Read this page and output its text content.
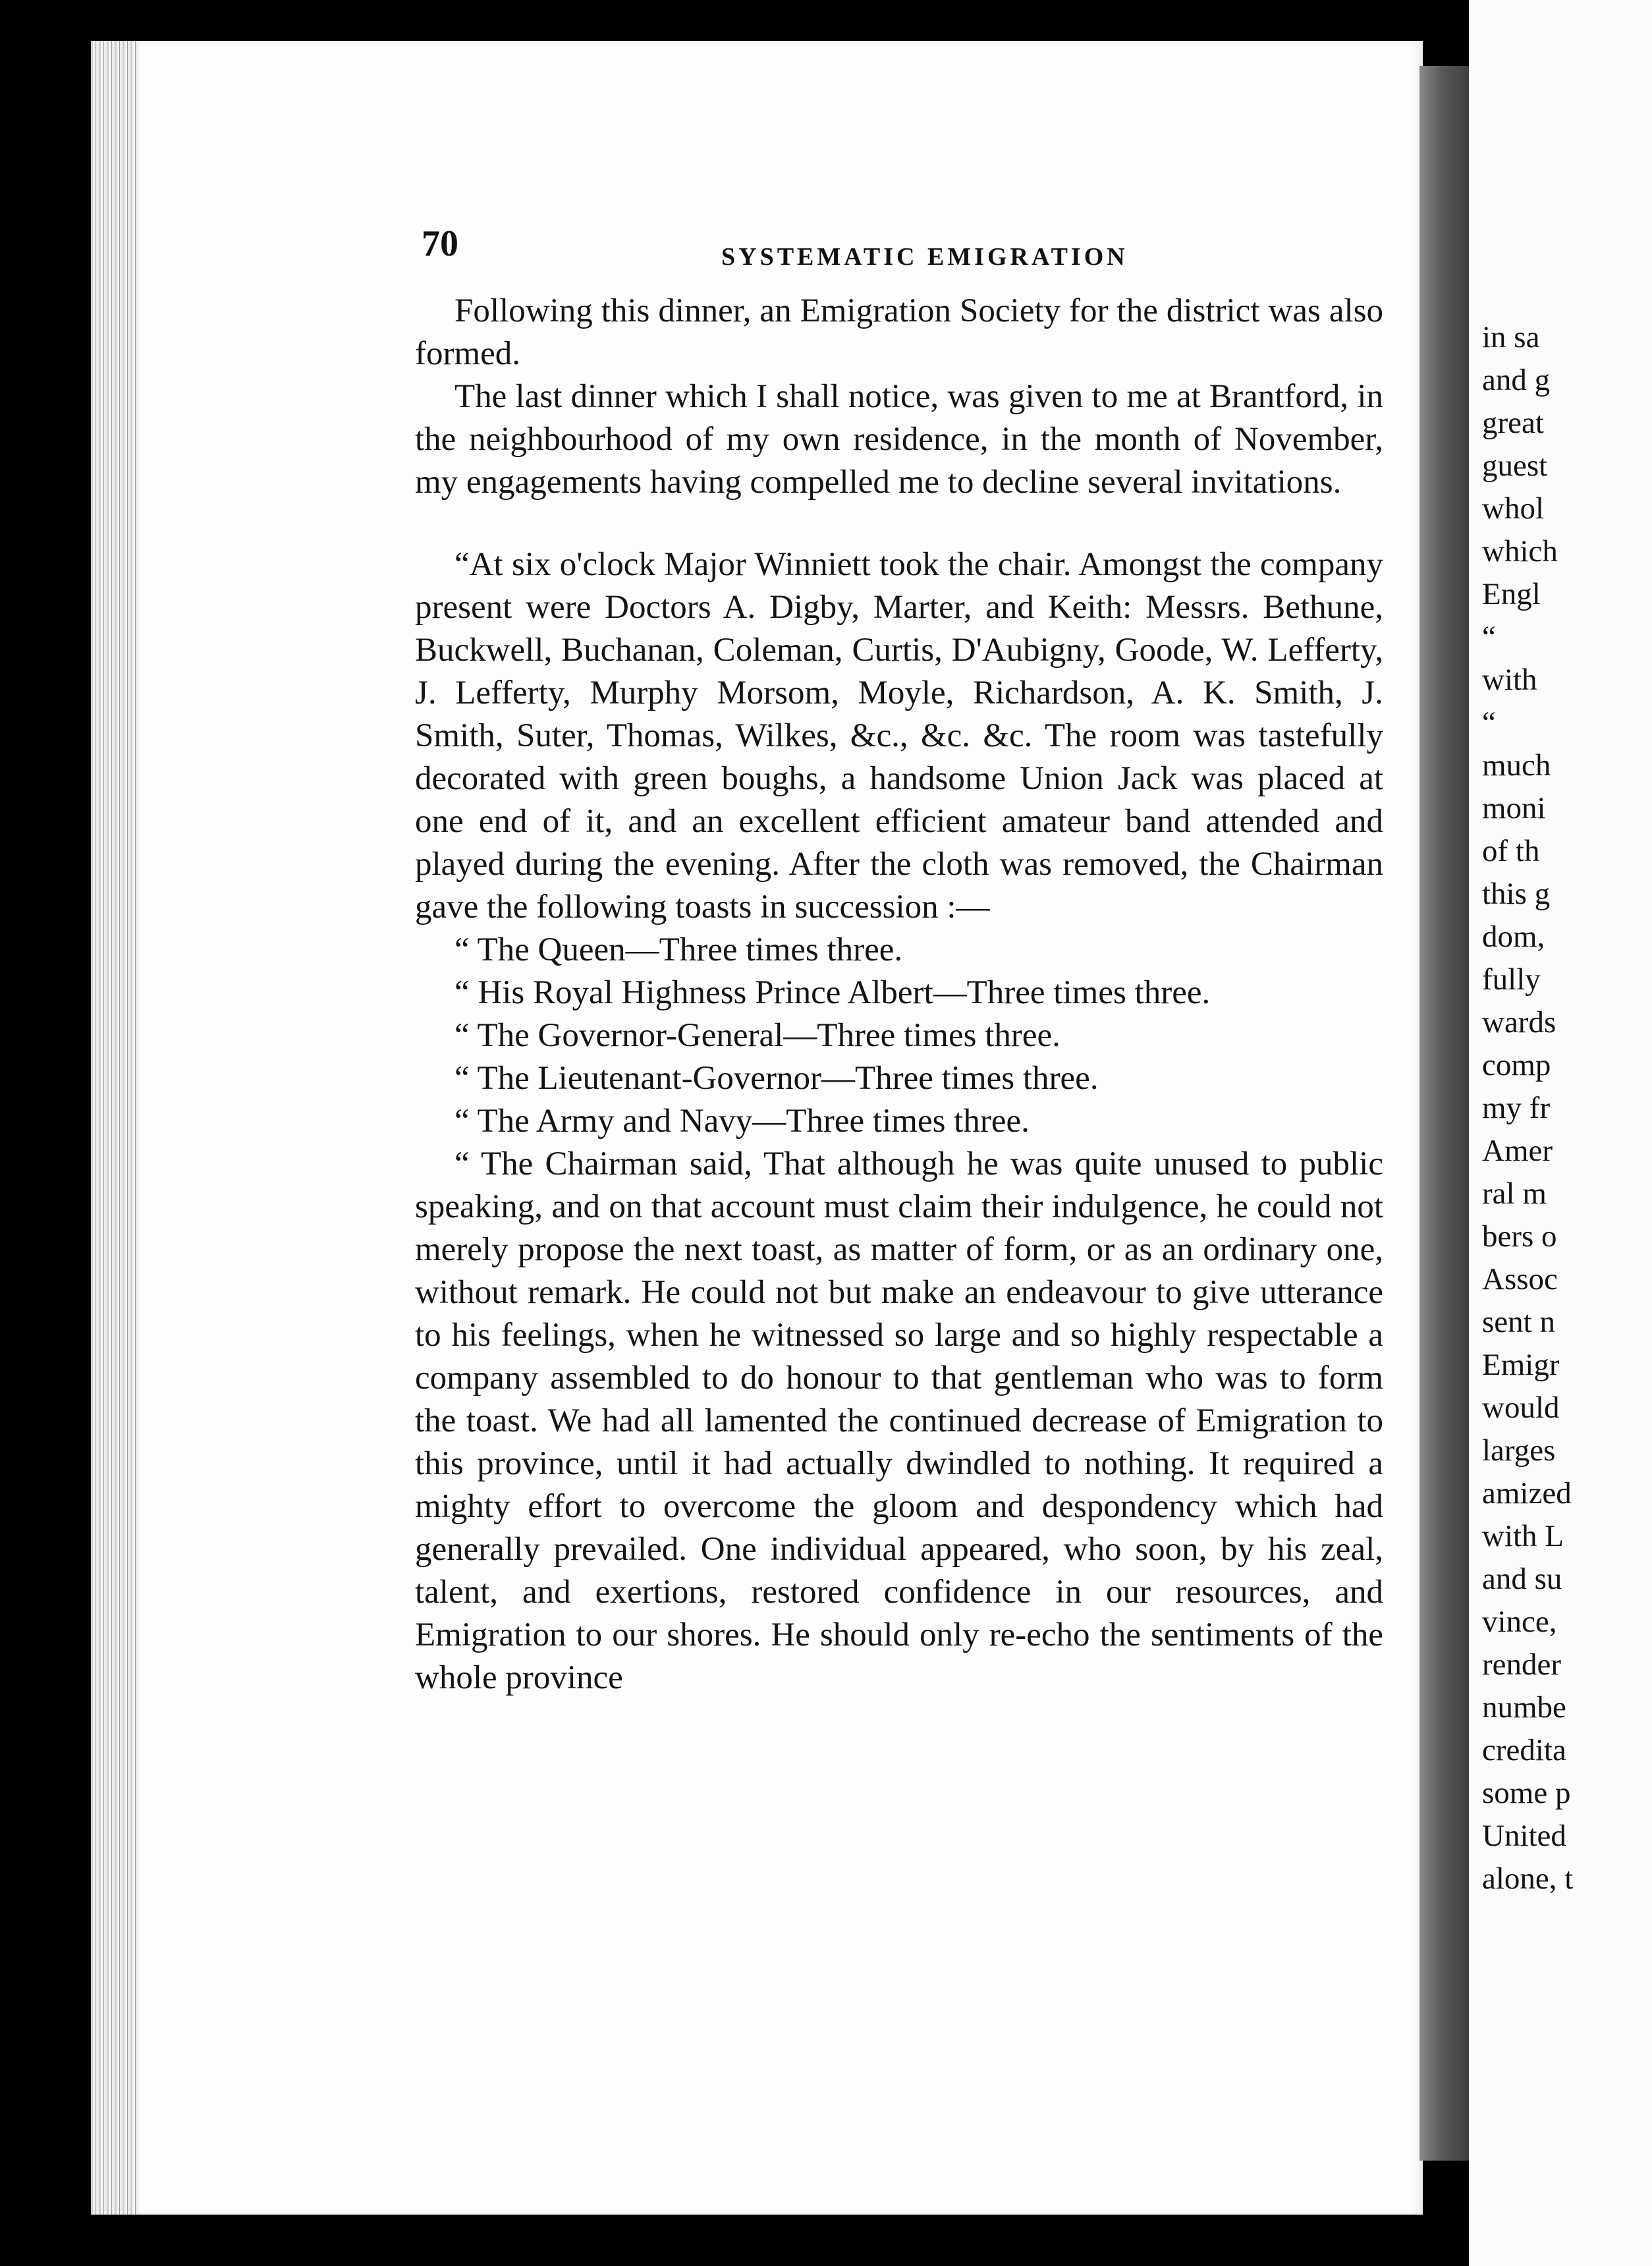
in sa
and g
great
guest
whol
which
Engl
“
with
“
much
moni
of th
this g
dom,
fully
wards
comp
my fr
Amer
ral m
bers o
Assoc
sent n
Emigr
would
larges
amized
with L
and su
vince,
render
numbe
credita
some p
United
alone, t
70	SYSTEMATIC EMIGRATION

Following this dinner, an Emigration Society for the district was also formed.

The last dinner which I shall notice, was given to me at Brantford, in the neighbourhood of my own residence, in the month of November, my engagements having compelled me to decline several invitations.

“At six o'clock Major Winniett took the chair. Amongst the company present were Doctors A. Digby, Marter, and Keith: Messrs. Bethune, Buckwell, Buchanan, Coleman, Curtis, D'Aubigny, Goode, W. Lefferty, J. Lefferty, Murphy Morsom, Moyle, Richardson, A. K. Smith, J. Smith, Suter, Thomas, Wilkes, &c., &c. &c. The room was tastefully decorated with green boughs, a handsome Union Jack was placed at one end of it, and an excellent efficient amateur band attended and played during the evening. After the cloth was removed, the Chairman gave the following toasts in succession :—

“ The Queen—Three times three.

“ His Royal Highness Prince Albert—Three times three.

“ The Governor-General—Three times three.

“ The Lieutenant-Governor—Three times three.

“ The Army and Navy—Three times three.

“ The Chairman said, That although he was quite unused to public speaking, and on that account must claim their indulgence, he could not merely propose the next toast, as matter of form, or as an ordinary one, without remark. He could not but make an endeavour to give utterance to his feelings, when he witnessed so large and so highly respectable a company assembled to do honour to that gentleman who was to form the toast. We had all lamented the continued decrease of Emigration to this province, until it had actually dwindled to nothing. It required a mighty effort to overcome the gloom and despondency which had generally prevailed. One individual appeared, who soon, by his zeal, talent, and exertions, restored confidence in our resources, and Emigration to our shores. He should only re-echo the sentiments of the whole province
